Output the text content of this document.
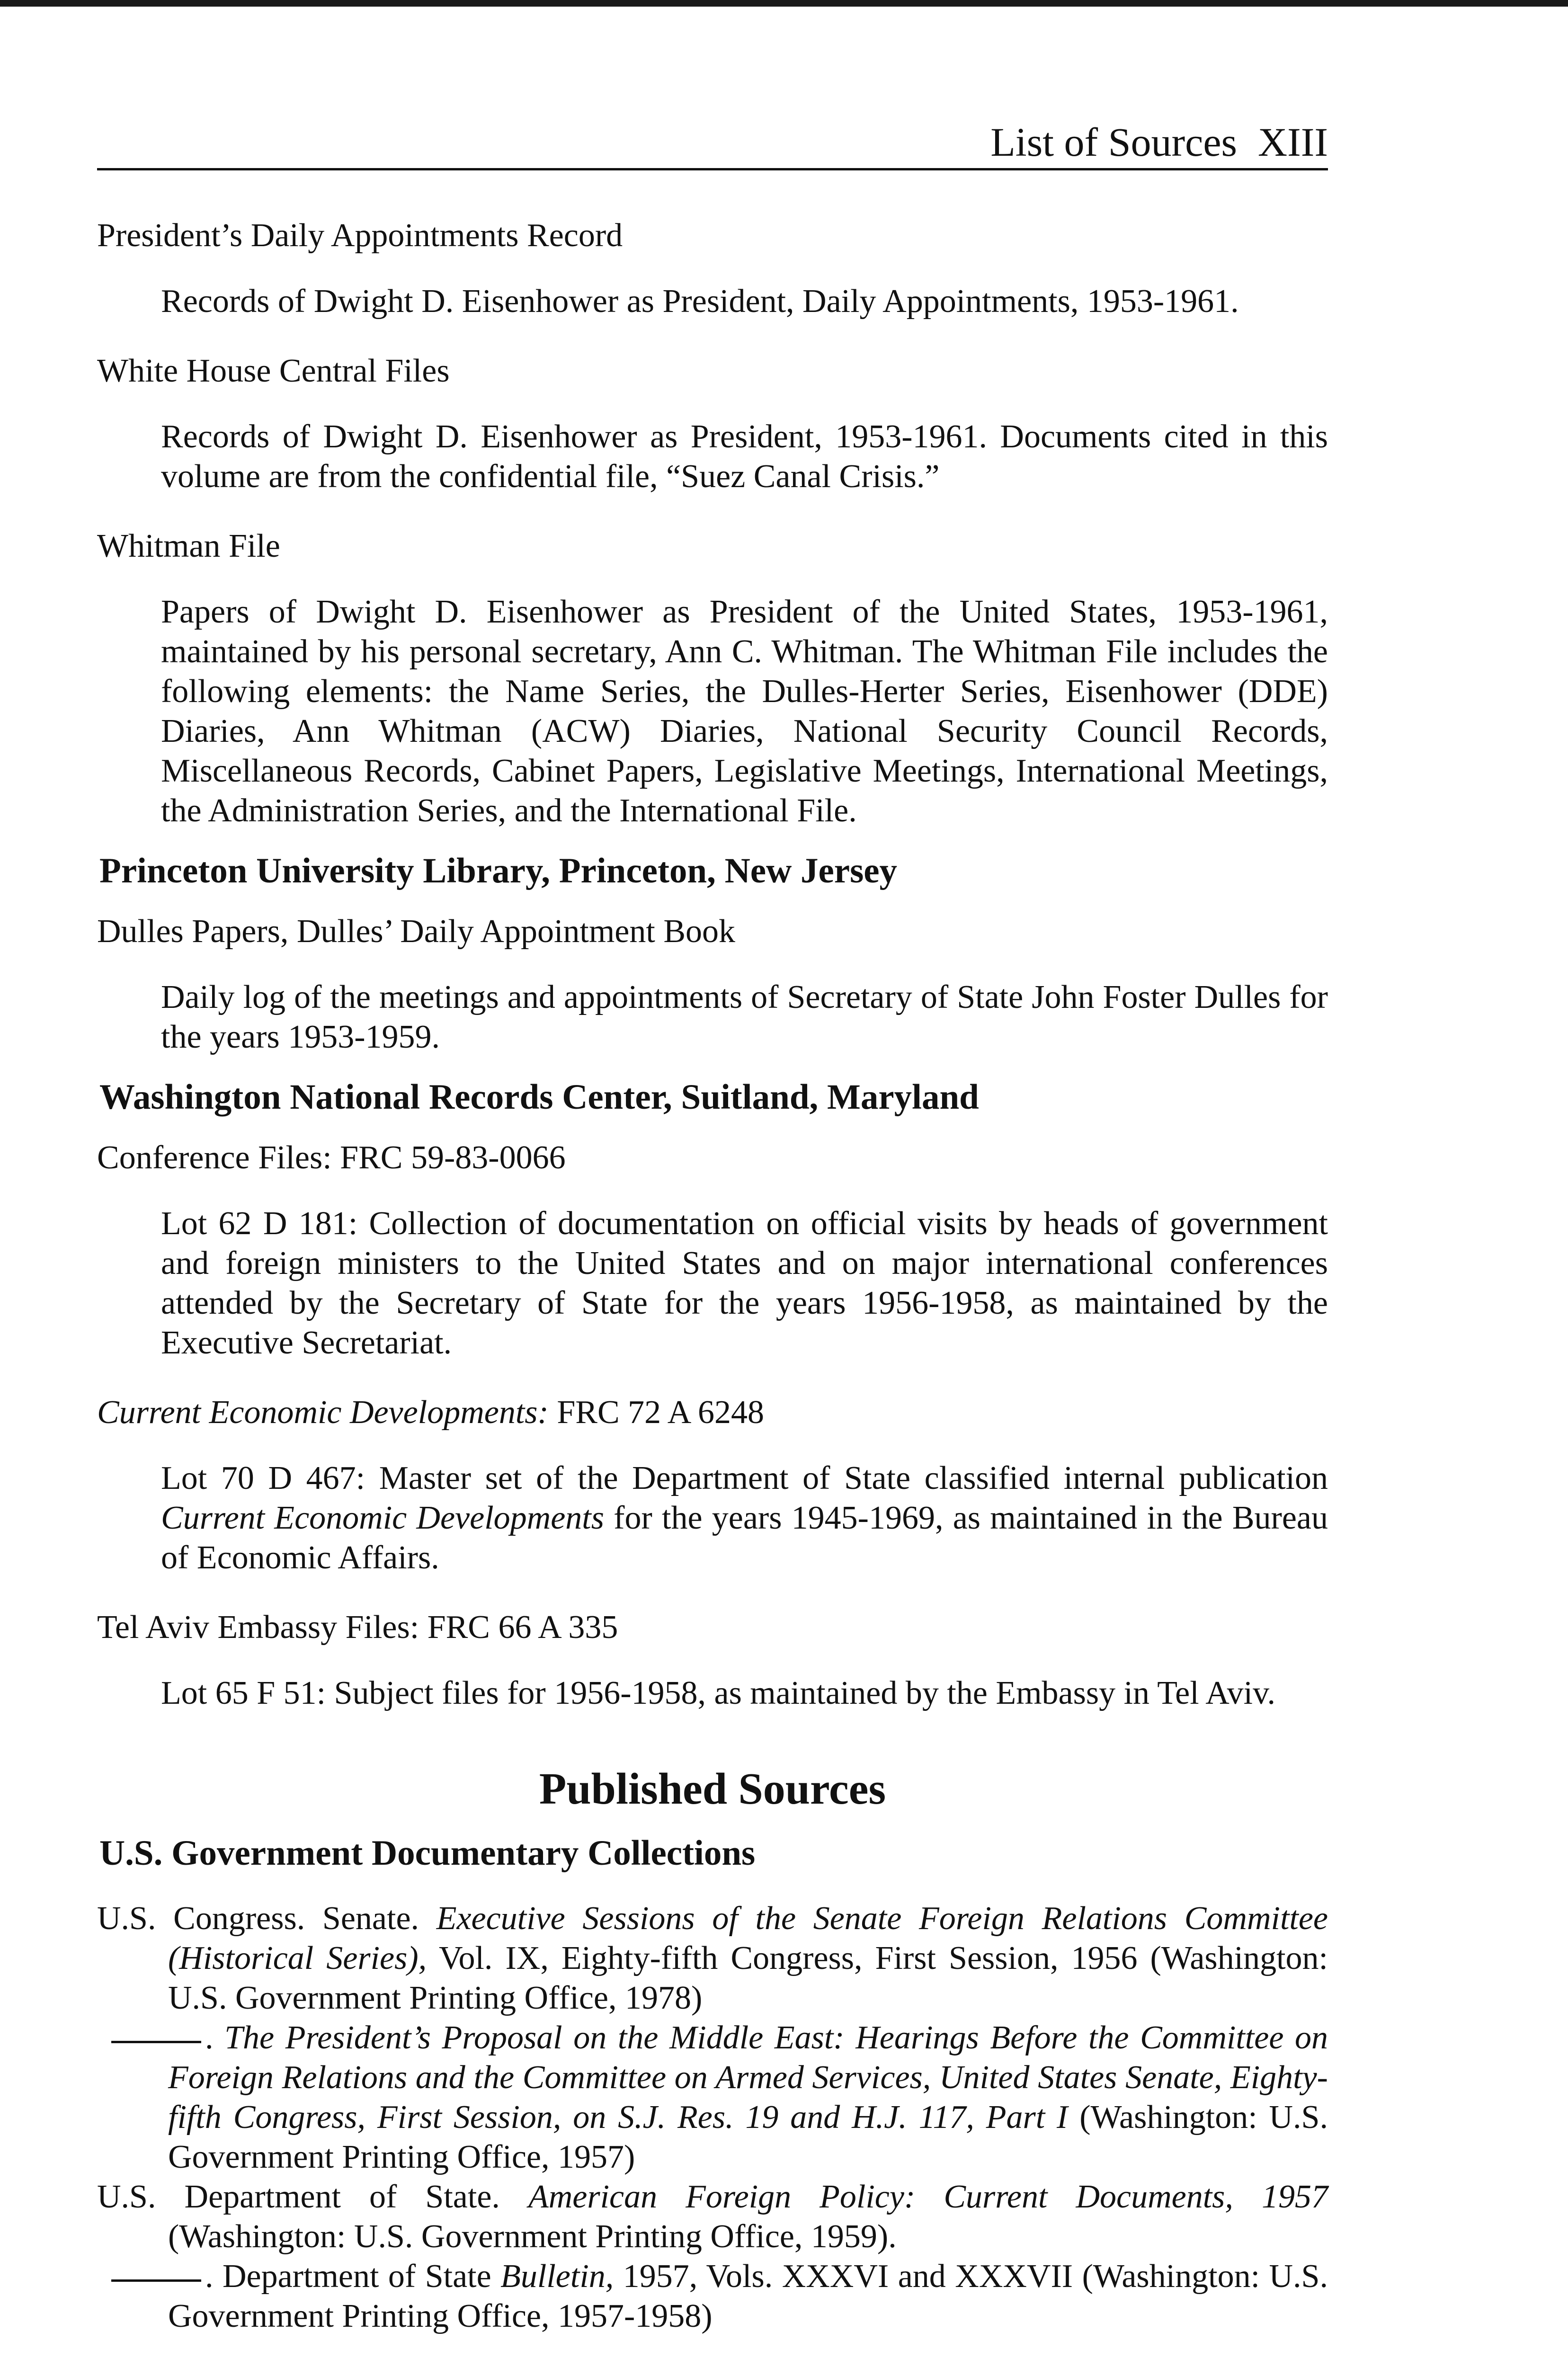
List of Sources XIII

President’s Daily Appointments Record

Records of Dwight D. Eisenhower as President, Daily Appointments, 1953-1961.

White House Central Files

Records of Dwight D. Eisenhower as President, 1953-1961. Documents cited in this volume are from the confidential file, “Suez Canal Crisis.”

Whitman File

Papers of Dwight D. Eisenhower as President of the United States, 1953-1961, maintained by his personal secretary, Ann C. Whitman. The Whitman File includes the following elements: the Name Series, the Dulles-Herter Series, Eisenhower (DDE) Diaries, Ann Whitman (ACW) Diaries, National Security Council Records, Miscellaneous Records, Cabinet Papers, Legislative Meetings, International Meetings, the Administration Series, and the International File.

Princeton University Library, Princeton, New Jersey

Dulles Papers, Dulles’ Daily Appointment Book

Daily log of the meetings and appointments of Secretary of State John Foster Dulles for the years 1953-1959.

Washington National Records Center, Suitland, Maryland

Conference Files: FRC 59-83-0066

Lot 62 D 181: Collection of documentation on official visits by heads of government and foreign ministers to the United States and on major international conferences attended by the Secretary of State for the years 1956-1958, as maintained by the Executive Secretariat.

Current Economic Developments: FRC 72 A 6248

Lot 70 D 467: Master set of the Department of State classified internal publication Current Economic Developments for the years 1945-1969, as maintained in the Bureau of Economic Affairs.

Tel Aviv Embassy Files: FRC 66 A 335

Lot 65 F 51: Subject files for 1956-1958, as maintained by the Embassy in Tel Aviv.

Published Sources
U.S. Government Documentary Collections

U.S. Congress. Senate. Executive Sessions of the Senate Foreign Relations Committee (Historical Series), Vol. IX, Eighty-fifth Congress, First Session, 1956 (Washington: U.S. Government Printing Office, 1978)

. The President’s Proposal on the Middle East: Hearings Before the Committee on Foreign Relations and the Committee on Armed Services, United States Senate, Eighty-fifth Congress, First Session, on S.J. Res. 19 and H.J. 117, Part I (Washington: U.S. Government Printing Office, 1957)

U.S. Department of State. American Foreign Policy: Current Documents, 1957 (Washington: U.S. Government Printing Office, 1959).

. Department of State Bulletin, 1957, Vols. XXXVI and XXXVII (Washington: U.S. Government Printing Office, 1957-1958)
